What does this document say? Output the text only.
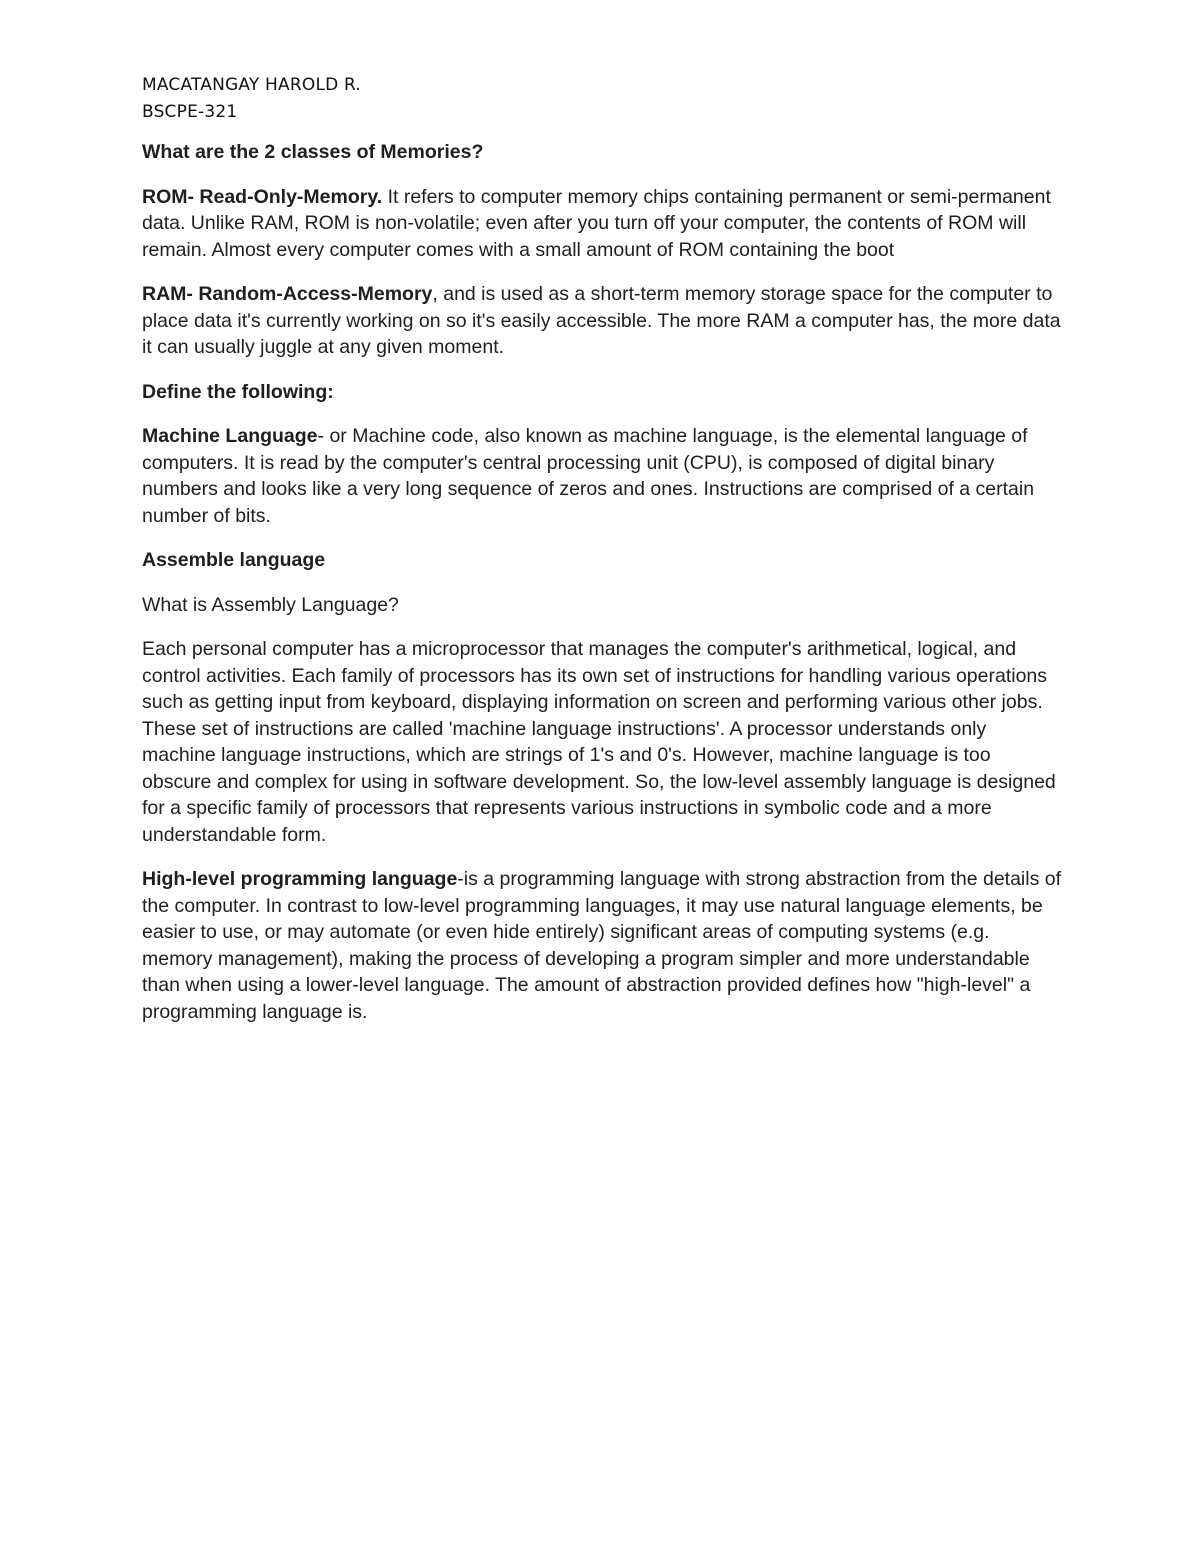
MACATANGAY HAROLD R.
BSCPE-321
What are the 2 classes of Memories?

ROM- Read-Only-Memory. It refers to computer memory chips containing permanent or semi-permanent data. Unlike RAM, ROM is non-volatile; even after you turn off your computer, the contents of ROM will remain. Almost every computer comes with a small amount of ROM containing the boot

RAM- Random-Access-Memory, and is used as a short-term memory storage space for the computer to place data it's currently working on so it's easily accessible. The more RAM a computer has, the more data it can usually juggle at any given moment.

Define the following:

Machine Language- or Machine code, also known as machine language, is the elemental language of computers. It is read by the computer's central processing unit (CPU), is composed of digital binary numbers and looks like a very long sequence of zeros and ones. Instructions are comprised of a certain number of bits.

Assemble language

What is Assembly Language?

Each personal computer has a microprocessor that manages the computer's arithmetical, logical, and control activities. Each family of processors has its own set of instructions for handling various operations such as getting input from keyboard, displaying information on screen and performing various other jobs. These set of instructions are called 'machine language instructions'. A processor understands only machine language instructions, which are strings of 1's and 0's. However, machine language is too obscure and complex for using in software development. So, the low-level assembly language is designed for a specific family of processors that represents various instructions in symbolic code and a more understandable form.

High-level programming language-is a programming language with strong abstraction from the details of the computer. In contrast to low-level programming languages, it may use natural language elements, be easier to use, or may automate (or even hide entirely) significant areas of computing systems (e.g. memory management), making the process of developing a program simpler and more understandable than when using a lower-level language. The amount of abstraction provided defines how "high-level" a programming language is.
